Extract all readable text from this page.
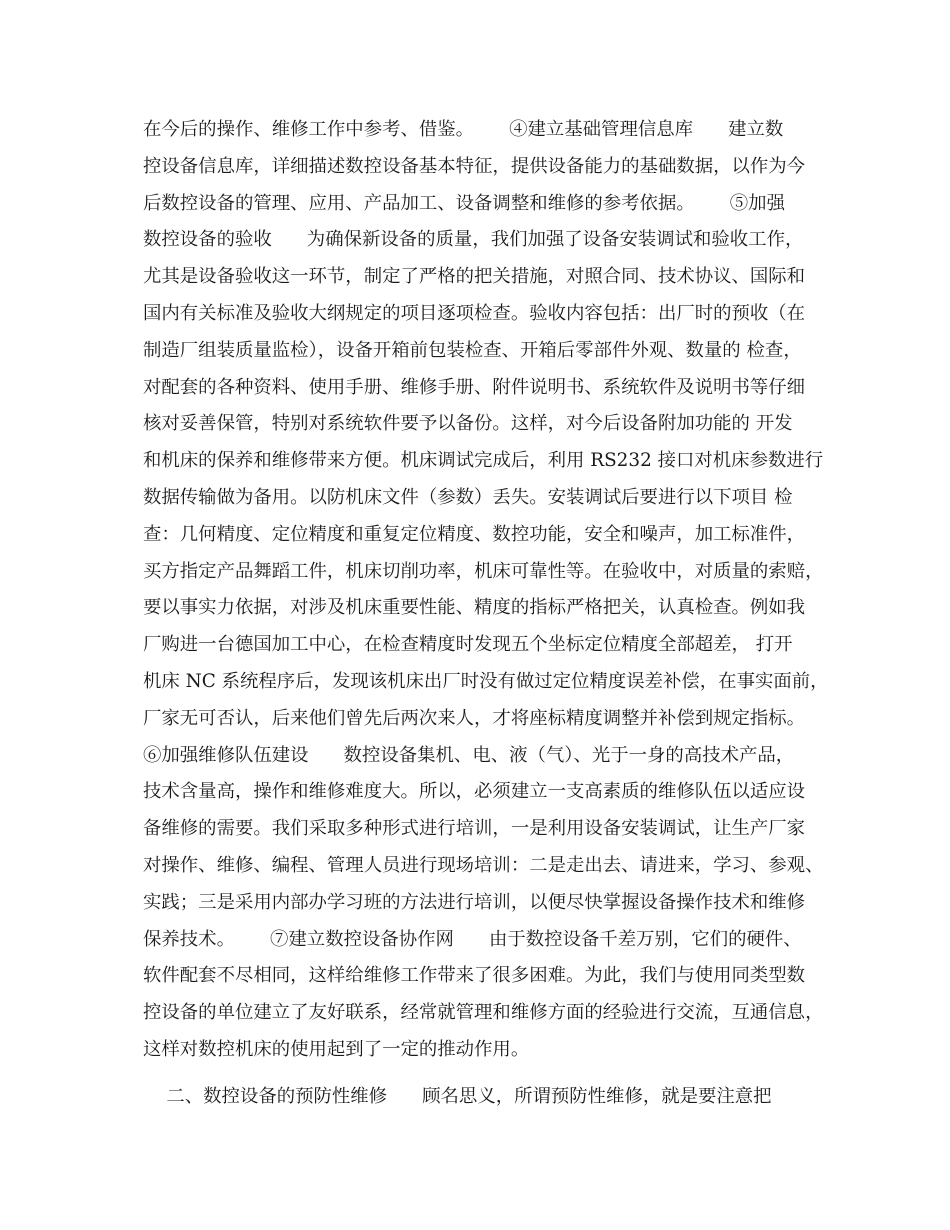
在今后的操作、维修工作中参考、借鉴。      ④建立基础管理信息库      建立数
控设备信息库，详细描述数控设备基本特征，提供设备能力的基础数据，以作为今
后数控设备的管理、应用、产品加工、设备调整和维修的参考依据。      ⑤加强
数控设备的验收      为确保新设备的质量，我们加强了设备安装调试和验收工作，
尤其是设备验收这一环节，制定了严格的把关措施，对照合同、技术协议、国际和
国内有关标准及验收大纲规定的项目逐项检查。验收内容包括：出厂时的预收（在
制造厂组装质量监检），设备开箱前包装检查、开箱后零部件外观、数量的 检查，
对配套的各种资料、使用手册、维修手册、附件说明书、系统软件及说明书等仔细
核对妥善保管，特别对系统软件要予以备份。这样，对今后设备附加功能的 开发
和机床的保养和维修带来方便。机床调试完成后，利用 RS232 接口对机床参数进行
数据传输做为备用。以防机床文件（参数）丢失。安装调试后要进行以下项目 检
查：几何精度、定位精度和重复定位精度、数控功能，安全和噪声，加工标准件，
买方指定产品舞蹈工件，机床切削功率，机床可靠性等。在验收中，对质量的索赔，
要以事实力依据，对涉及机床重要性能、精度的指标严格把关，认真检查。例如我
厂购进一台德国加工中心，在检查精度时发现五个坐标定位精度全部超差， 打开
机床 NC 系统程序后，发现该机床出厂时没有做过定位精度误差补偿，在事实面前，
厂家无可否认，后来他们曾先后两次来人，才将座标精度调整并补偿到规定指标。
⑥加强维修队伍建设      数控设备集机、电、液（气）、光于一身的高技术产品，
技术含量高，操作和维修难度大。所以，必须建立一支高素质的维修队伍以适应设
备维修的需要。我们采取多种形式进行培训，一是利用设备安装调试，让生产厂家
对操作、维修、编程、管理人员进行现场培训：二是走出去、请进来，学习、参观、
实践；三是采用内部办学习班的方法进行培训，以便尽快掌握设备操作技术和维修
保养技术。      ⑦建立数控设备协作网      由于数控设备千差万别，它们的硬件、
软件配套不尽相同，这样给维修工作带来了很多困难。为此，我们与使用同类型数
控设备的单位建立了友好联系，经常就管理和维修方面的经验进行交流，互通信息，
这样对数控机床的使用起到了一定的推动作用。
二、数控设备的预防性维修      顾名思义，所谓预防性维修，就是要注意把
